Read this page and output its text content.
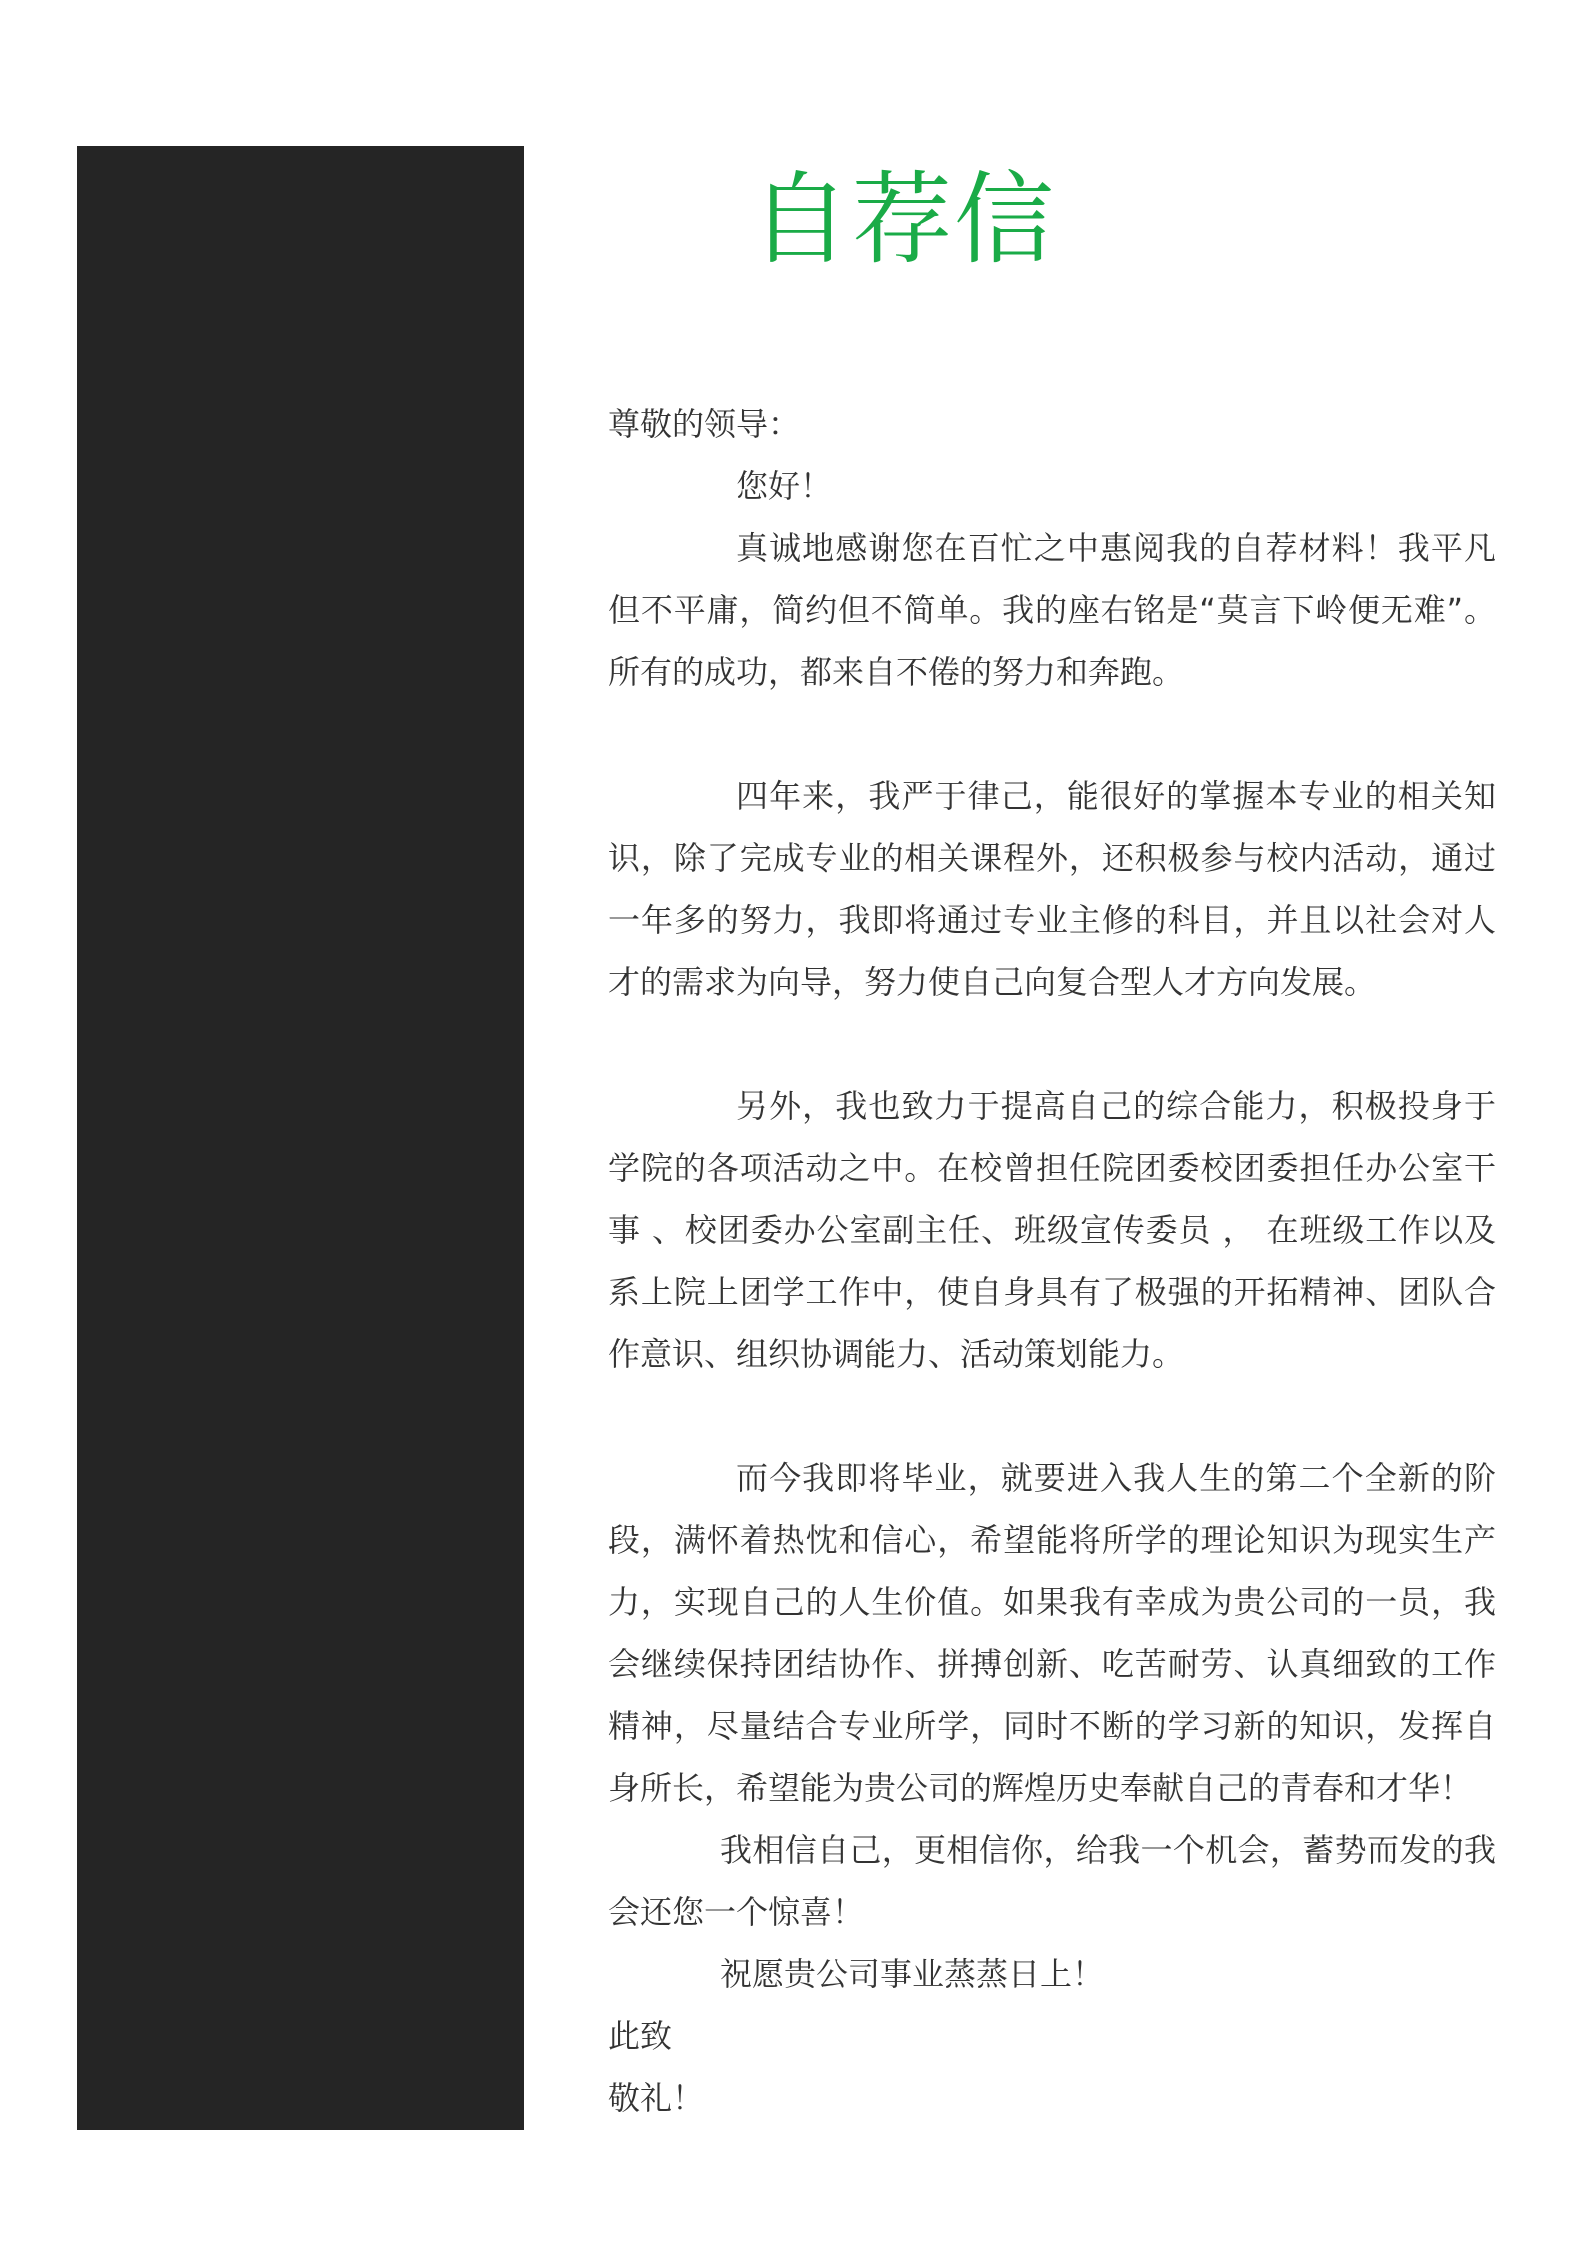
自荐信

尊敬的领导：

您好！

真诚地感谢您在百忙之中惠阅我的自荐材料！我平凡但不平庸，简约但不简单。我的座右铭是“莫言下岭便无难”。所有的成功，都来自不倦的努力和奔跑。

四年来，我严于律己，能很好的掌握本专业的相关知识，除了完成专业的相关课程外，还积极参与校内活动，通过一年多的努力，我即将通过专业主修的科目，并且以社会对人才的需求为向导，努力使自己向复合型人才方向发展。

另外，我也致力于提高自己的综合能力，积极投身于学院的各项活动之中。在校曾担任院团委校团委担任办公室干事 、校团委办公室副主任、班级宣传委员 ， 在班级工作以及系上院上团学工作中，使自身具有了极强的开拓精神、团队合作意识、组织协调能力、活动策划能力。

而今我即将毕业，就要进入我人生的第二个全新的阶段，满怀着热忱和信心，希望能将所学的理论知识为现实生产力，实现自己的人生价值。如果我有幸成为贵公司的一员，我会继续保持团结协作、拼搏创新、吃苦耐劳、认真细致的工作精神，尽量结合专业所学，同时不断的学习新的知识，发挥自身所长，希望能为贵公司的辉煌历史奉献自己的青春和才华！

我相信自己，更相信你，给我一个机会，蓄势而发的我会还您一个惊喜！

祝愿贵公司事业蒸蒸日上！

此致

敬礼！
